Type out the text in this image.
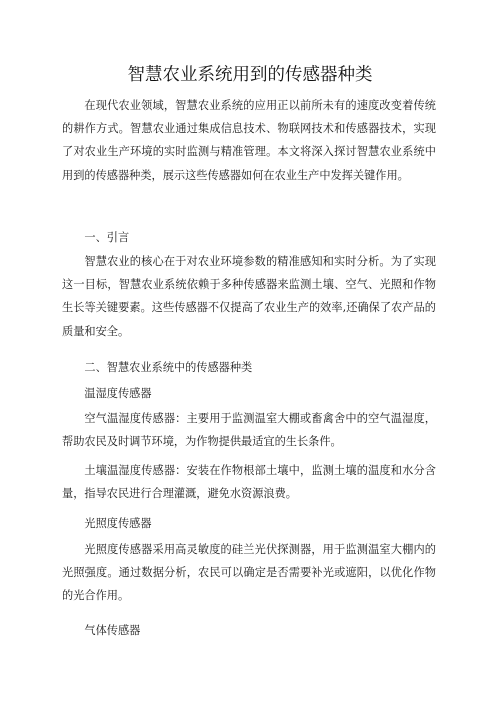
智慧农业系统用到的传感器种类

在现代农业领域，智慧农业系统的应用正以前所未有的速度改变着传统的耕作方式。智慧农业通过集成信息技术、物联网技术和传感器技术，实现了对农业生产环境的实时监测与精准管理。本文将深入探讨智慧农业系统中用到的传感器种类，展示这些传感器如何在农业生产中发挥关键作用。

一、引言

智慧农业的核心在于对农业环境参数的精准感知和实时分析。为了实现这一目标，智慧农业系统依赖于多种传感器来监测土壤、空气、光照和作物生长等关键要素。这些传感器不仅提高了农业生产的效率,还确保了农产品的质量和安全。

二、智慧农业系统中的传感器种类

温湿度传感器

空气温湿度传感器：主要用于监测温室大棚或畜禽舍中的空气温湿度，帮助农民及时调节环境，为作物提供最适宜的生长条件。

土壤温湿度传感器：安装在作物根部土壤中，监测土壤的温度和水分含量，指导农民进行合理灌溉，避免水资源浪费。

光照度传感器

光照度传感器采用高灵敏度的硅兰光伏探测器，用于监测温室大棚内的光照强度。通过数据分析，农民可以确定是否需要补光或遮阳，以优化作物的光合作用。

气体传感器
